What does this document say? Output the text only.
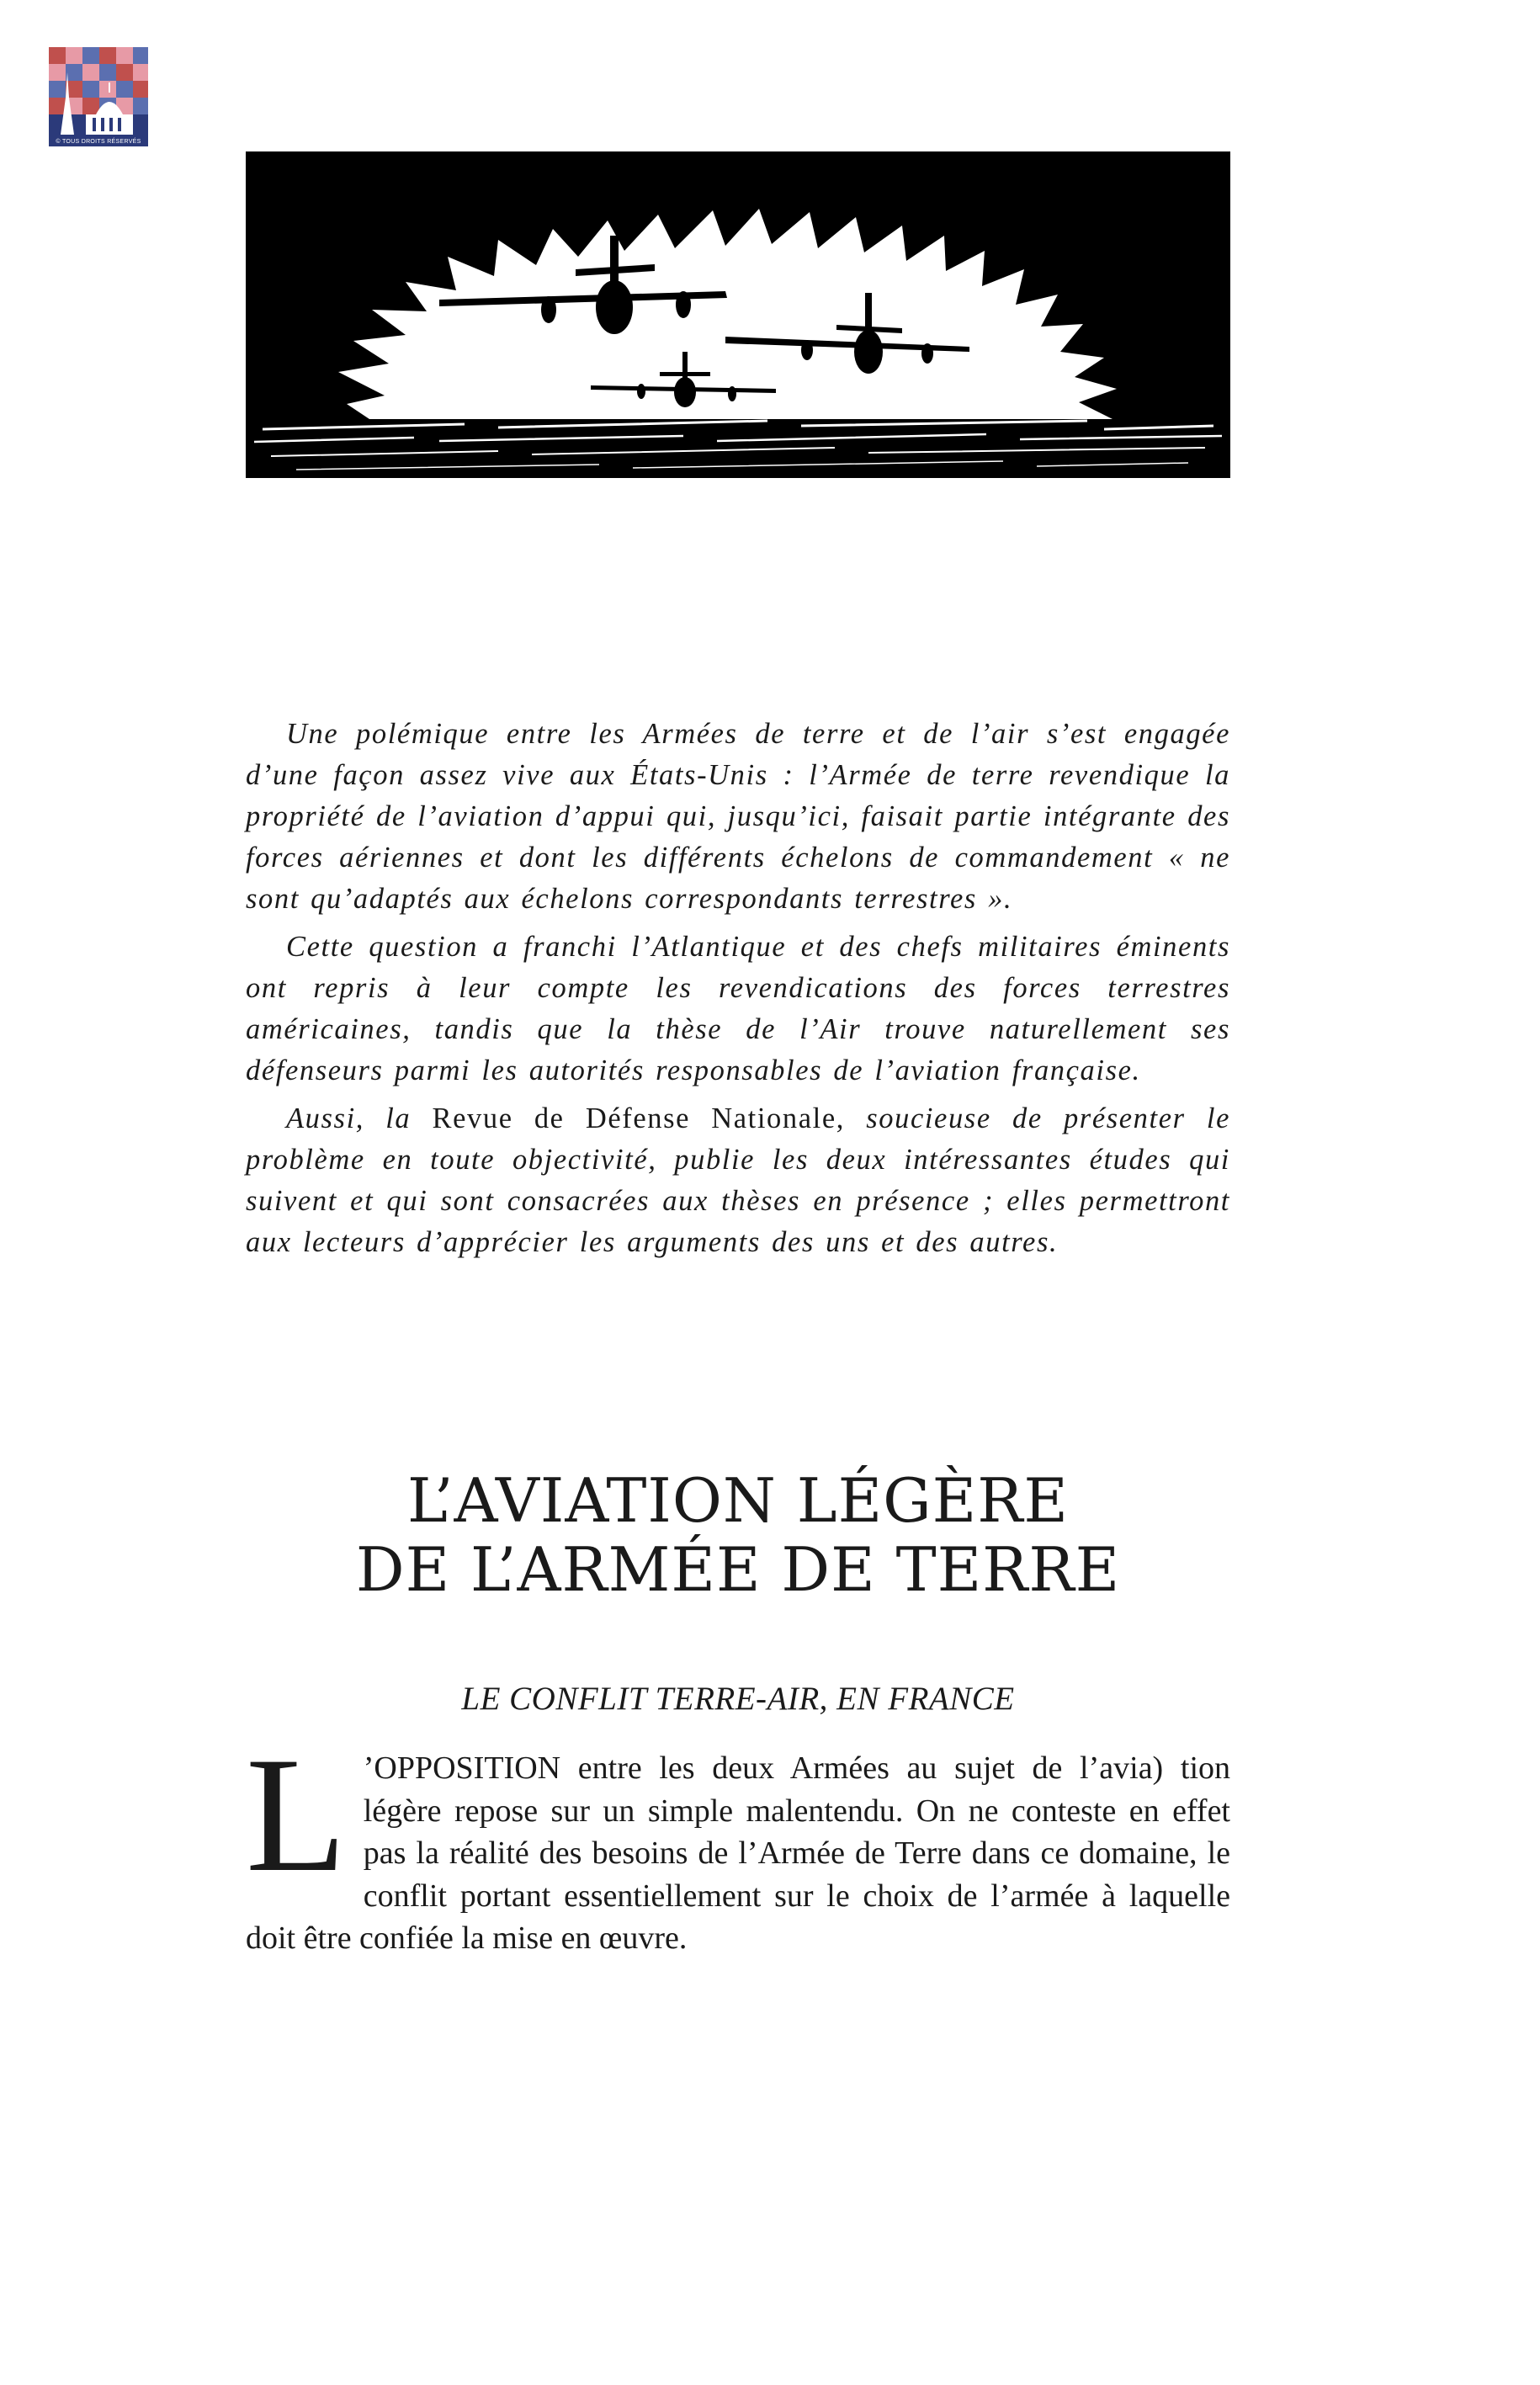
© TOUS DROITS RÉSERVÉS

Une polémique entre les Armées de terre et de l’air s’est engagée d’une façon assez vive aux États-Unis : l’Armée de terre revendique la propriété de l’aviation d’appui qui, jusqu’ici, faisait partie intégrante des forces aériennes et dont les différents échelons de commandement « ne sont qu’adaptés aux échelons correspondants terrestres ».

Cette question a franchi l’Atlantique et des chefs militaires éminents ont repris à leur compte les revendications des forces terrestres américaines, tandis que la thèse de l’Air trouve naturellement ses défenseurs parmi les autorités responsables de l’aviation française.

Aussi, la Revue de Défense Nationale, soucieuse de présenter le problème en toute objectivité, publie les deux intéressantes études qui suivent et qui sont consacrées aux thèses en présence ; elles permettront aux lecteurs d’apprécier les arguments des uns et des autres.

L’AVIATION LÉGÈRE
DE L’ARMÉE DE TERRE
LE CONFLIT TERRE-AIR, EN FRANCE

L ’OPPOSITION entre les deux Armées au sujet de l’avia) tion légère repose sur un simple malentendu. On ne conteste en effet pas la réalité des besoins de l’Armée de Terre dans ce domaine, le conflit portant essentiellement sur le choix de l’armée à laquelle doit être confiée la mise en œuvre.
